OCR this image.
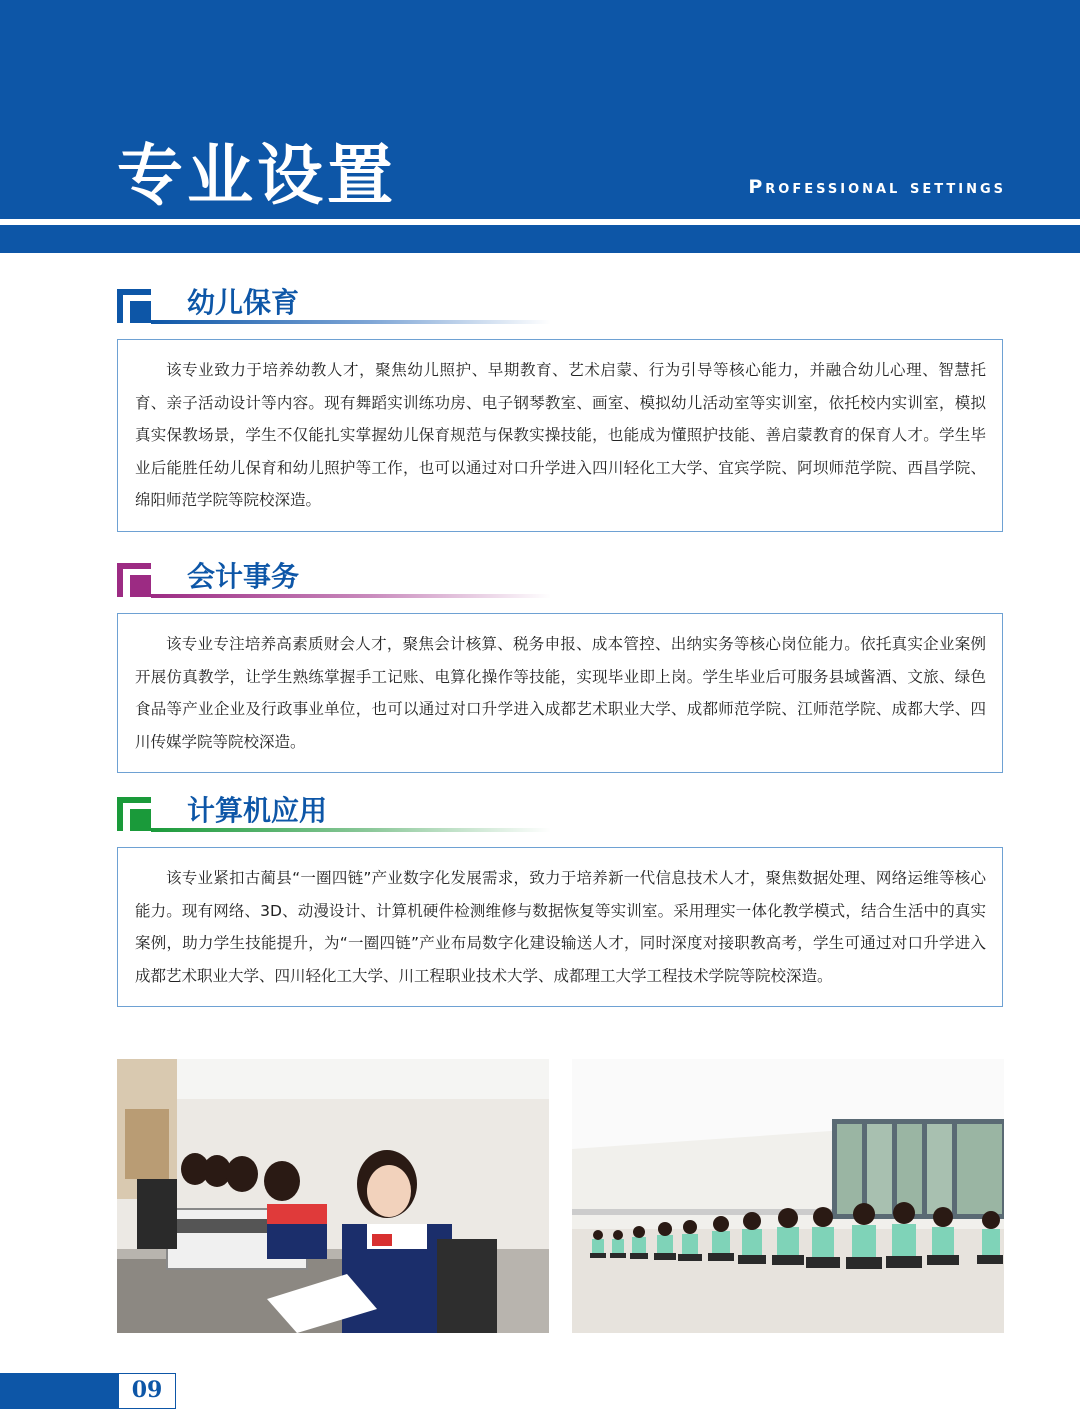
专业设置	Professional settings
幼儿保育
该专业致力于培养幼教人才，聚焦幼儿照护、早期教育、艺术启蒙、行为引导等核心能力，并融合幼儿心理、智慧托育、亲子活动设计等内容。现有舞蹈实训练功房、电子钢琴教室、画室、模拟幼儿活动室等实训室，依托校内实训室，模拟真实保教场景，学生不仅能扎实掌握幼儿保育规范与保教实操技能，也能成为懂照护技能、善启蒙教育的保育人才。学生毕业后能胜任幼儿保育和幼儿照护等工作，也可以通过对口升学进入四川轻化工大学、宜宾学院、阿坝师范学院、西昌学院、绵阳师范学院等院校深造。
会计事务
该专业专注培养高素质财会人才，聚焦会计核算、税务申报、成本管控、出纳实务等核心岗位能力。依托真实企业案例开展仿真教学，让学生熟练掌握手工记账、电算化操作等技能，实现毕业即上岗。学生毕业后可服务县域酱酒、文旅、绿色食品等产业企业及行政事业单位，也可以通过对口升学进入成都艺术职业大学、成都师范学院、江师范学院、成都大学、四川传媒学院等院校深造。
计算机应用
该专业紧扣古蔺县“一圈四链”产业数字化发展需求，致力于培养新一代信息技术人才，聚焦数据处理、网络运维等核心能力。现有网络、3D、动漫设计、计算机硬件检测维修与数据恢复等实训室。采用理实一体化教学模式，结合生活中的真实案例，助力学生技能提升，为“一圈四链”产业布局数字化建设输送人才，同时深度对接职教高考，学生可通过对口升学进入成都艺术职业大学、四川轻化工大学、川工程职业技术大学、成都理工大学工程技术学院等院校深造。
09
